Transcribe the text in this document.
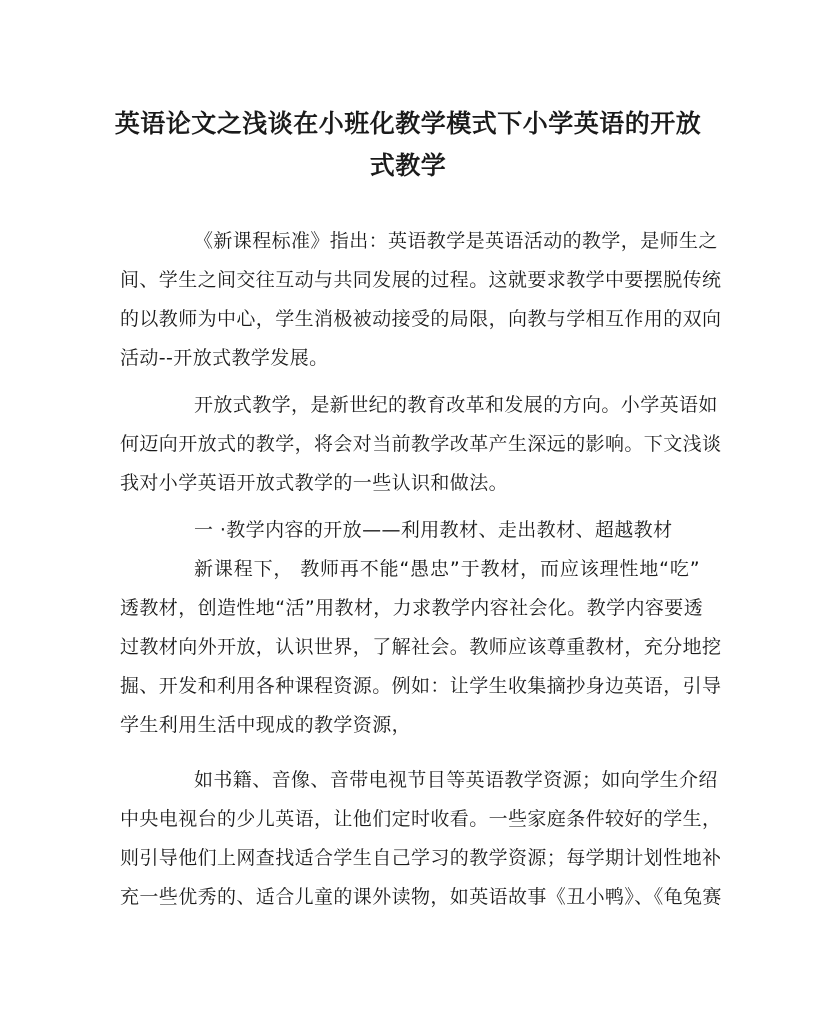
英语论文之浅谈在小班化教学模式下小学英语的开放
式教学
《新课程标准》指出：英语教学是英语活动的教学，是师生之
间、学生之间交往互动与共同发展的过程。这就要求教学中要摆脱传统
的以教师为中心，学生消极被动接受的局限，向教与学相互作用的双向
活动--开放式教学发展。
开放式教学，是新世纪的教育改革和发展的方向。小学英语如
何迈向开放式的教学，将会对当前教学改革产生深远的影响。下文浅谈
我对小学英语开放式教学的一些认识和做法。
一 ·教学内容的开放——利用教材、走出教材、超越教材
新课程下， 教师再不能“愚忠”于教材，而应该理性地“吃”
透教材，创造性地“活”用教材，力求教学内容社会化。教学内容要透
过教材向外开放，认识世界，了解社会。教师应该尊重教材，充分地挖
掘、开发和利用各种课程资源。例如：让学生收集摘抄身边英语，引导
学生利用生活中现成的教学资源，
如书籍、音像、音带电视节目等英语教学资源；如向学生介绍
中央电视台的少儿英语，让他们定时收看。一些家庭条件较好的学生，
则引导他们上网查找适合学生自己学习的教学资源；每学期计划性地补
充一些优秀的、适合儿童的课外读物，如英语故事《丑小鸭》、《龟兔赛
